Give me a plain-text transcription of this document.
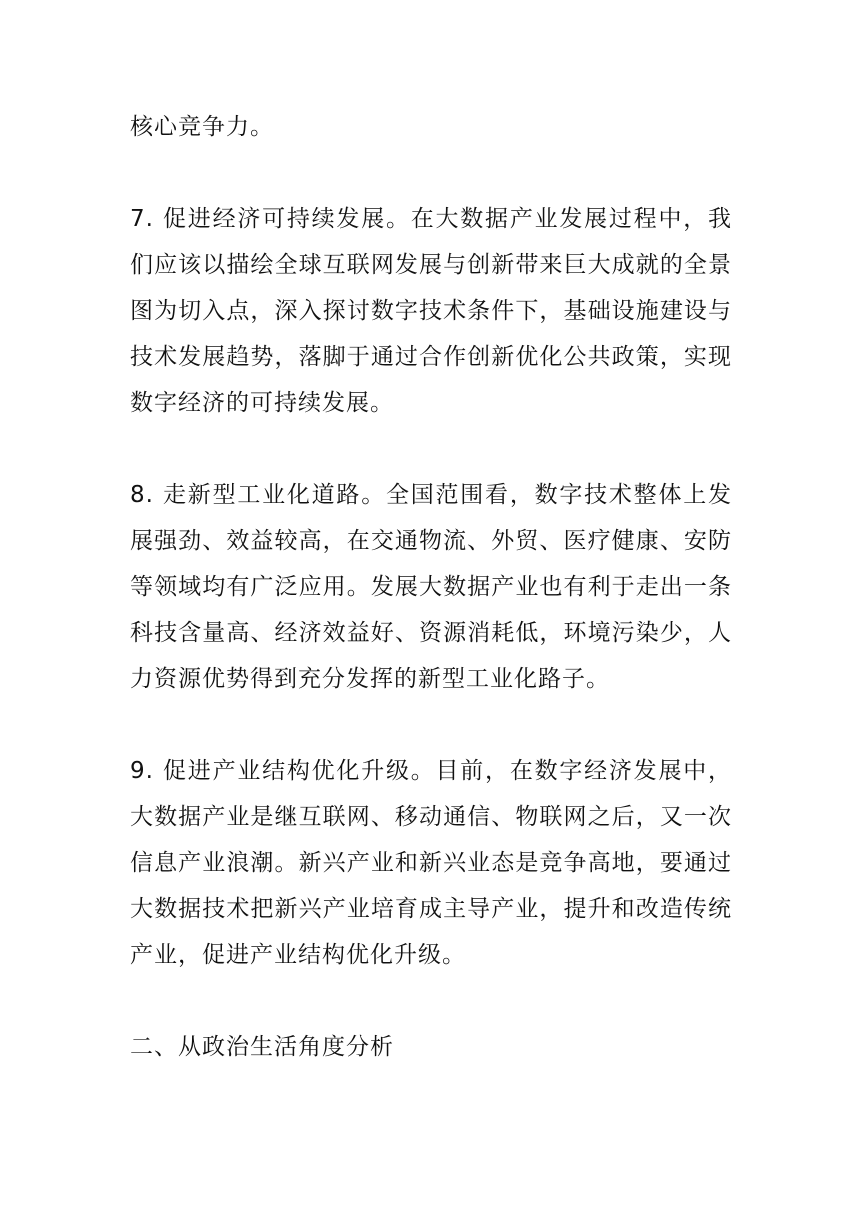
核心竞争力。

7. 促进经济可持续发展。在大数据产业发展过程中，我们应该以描绘全球互联网发展与创新带来巨大成就的全景图为切入点，深入探讨数字技术条件下，基础设施建设与技术发展趋势，落脚于通过合作创新优化公共政策，实现数字经济的可持续发展。

8. 走新型工业化道路。全国范围看，数字技术整体上发展强劲、效益较高，在交通物流、外贸、医疗健康、安防等领域均有广泛应用。发展大数据产业也有利于走出一条科技含量高、经济效益好、资源消耗低，环境污染少，人力资源优势得到充分发挥的新型工业化路子。

9. 促进产业结构优化升级。目前，在数字经济发展中，大数据产业是继互联网、移动通信、物联网之后，又一次信息产业浪潮。新兴产业和新兴业态是竞争高地，要通过大数据技术把新兴产业培育成主导产业，提升和改造传统产业，促进产业结构优化升级。

二、从政治生活角度分析
